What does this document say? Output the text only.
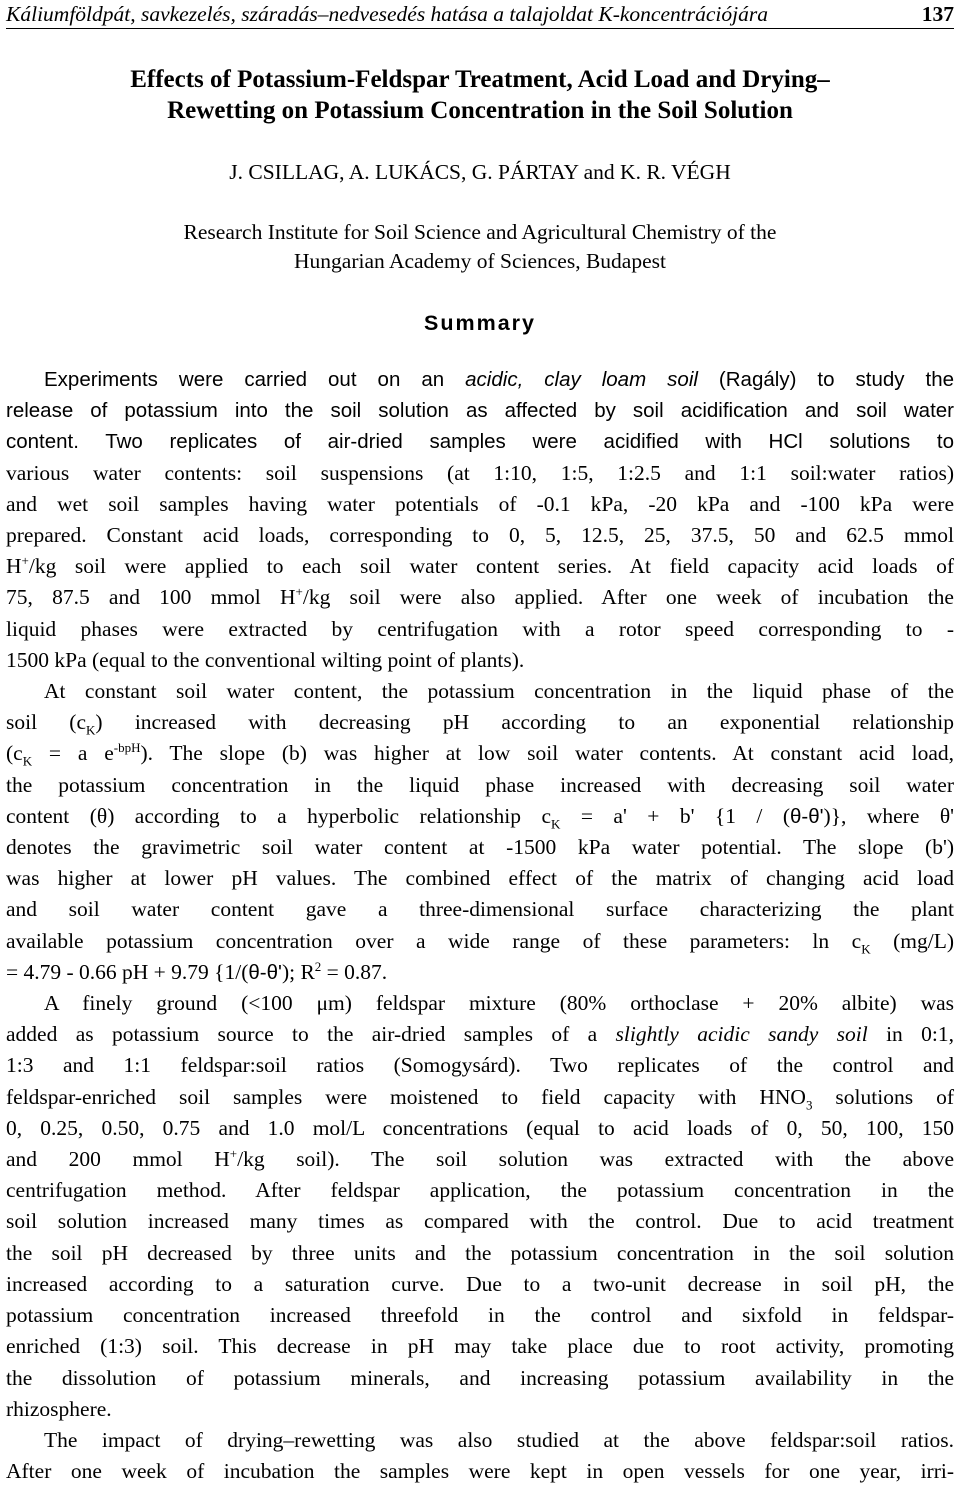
Káliumföldpát, savkezelés, száradás–nedvesedés hatása a talajoldat K-koncentrációjára	137
Effects of Potassium-Feldspar Treatment, Acid Load and Drying–
Rewetting on Potassium Concentration in the Soil Solution
J. CSILLAG, A. LUKÁCS, G. PÁRTAY and K. R. VÉGH
Research Institute for Soil Science and Agricultural Chemistry of the
Hungarian Academy of Sciences, Budapest
Summary

Experiments were carried out on an acidic, clay loam soil (Ragály) to study the
release of potassium into the soil solution as affected by soil acidification and soil water
content. Two replicates of air-dried samples were acidified with HCl solutions to
various water contents: soil suspensions (at 1:10, 1:5, 1:2.5 and 1:1 soil:water ratios)
and wet soil samples having water potentials of -0.1 kPa, -20 kPa and -100 kPa were
prepared. Constant acid loads, corresponding to 0, 5, 12.5, 25, 37.5, 50 and 62.5 mmol
H+/kg soil were applied to each soil water content series. At field capacity acid loads of
75, 87.5 and 100 mmol H+/kg soil were also applied. After one week of incubation the
liquid phases were extracted by centrifugation with a rotor speed corresponding to -
1500 kPa (equal to the conventional wilting point of plants).

At constant soil water content, the potassium concentration in the liquid phase of the
soil $(c_K)$ increased with decreasing pH according to an exponential relationship
($c_K = a$ $e^{-bpH}$). The slope (b) was higher at low soil water contents. At constant acid load,
the potassium concentration in the liquid phase increased with decreasing soil water
content (θ) according to a hyperbolic relationship $c_K = a' + b'$ {1 / (θ-θ')}, where θ'
denotes the gravimetric soil water content at -1500 kPa water potential. The slope (b')
was higher at lower pH values. The combined effect of the matrix of changing acid load
and soil water content gave a three-dimensional surface characterizing the plant
available potassium concentration over a wide range of these parameters: $\ln c_K$ (mg/L)
= 4.79 - 0.66 pH + 9.79 {1/(θ-θ'); $R^2 = 0.87$.

A finely ground (<100 μm) feldspar mixture (80% orthoclase + 20% albite) was
added as potassium source to the air-dried samples of a slightly acidic sandy soil in 0:1,
1:3 and 1:1 feldspar:soil ratios (Somogysárd). Two replicates of the control and
feldspar-enriched soil samples were moistened to field capacity with $HNO_3$ solutions of
0, 0.25, 0.50, 0.75 and 1.0 mol/L concentrations (equal to acid loads of 0, 50, 100, 150
and 200 mmol H+/kg soil). The soil solution was extracted with the above
centrifugation method. After feldspar application, the potassium concentration in the
soil solution increased many times as compared with the control. Due to acid treatment
the soil pH decreased by three units and the potassium concentration in the soil solution
increased according to a saturation curve. Due to a two-unit decrease in soil pH, the
potassium concentration increased threefold in the control and sixfold in feldspar-
enriched (1:3) soil. This decrease in pH may take place due to root activity, promoting
the dissolution of potassium minerals, and increasing potassium availability in the
rhizosphere.

The impact of drying–rewetting was also studied at the above feldspar:soil ratios.
After one week of incubation the samples were kept in open vessels for one year, irri-
